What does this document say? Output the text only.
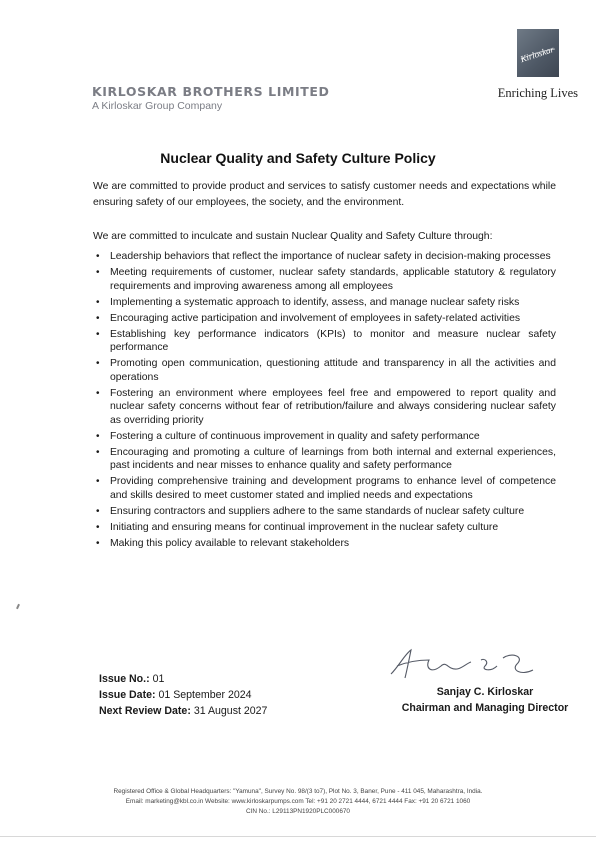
KIRLOSKAR BROTHERS LIMITED
A Kirloskar Group Company
Kirloskar
Enriching Lives
Nuclear Quality and Safety Culture Policy
We are committed to provide product and services to satisfy customer needs and expectations while ensuring safety of our employees, the society, and the environment.
We are committed to inculcate and sustain Nuclear Quality and Safety Culture through:
• Leadership behaviors that reflect the importance of nuclear safety in decision-making processes
• Meeting requirements of customer, nuclear safety standards, applicable statutory & regulatory requirements and improving awareness among all employees
• Implementing a systematic approach to identify, assess, and manage nuclear safety risks
• Encouraging active participation and involvement of employees in safety-related activities
• Establishing key performance indicators (KPIs) to monitor and measure nuclear safety performance
• Promoting open communication, questioning attitude and transparency in all the activities and operations
• Fostering an environment where employees feel free and empowered to report quality and nuclear safety concerns without fear of retribution/failure and always considering nuclear safety as overriding priority
• Fostering a culture of continuous improvement in quality and safety performance
• Encouraging and promoting a culture of learnings from both internal and external experiences, past incidents and near misses to enhance quality and safety performance
• Providing comprehensive training and development programs to enhance level of competence and skills desired to meet customer stated and implied needs and expectations
• Ensuring contractors and suppliers adhere to the same standards of nuclear safety culture
• Initiating and ensuring means for continual improvement in the nuclear safety culture
• Making this policy available to relevant stakeholders
Issue No.: 01
Issue Date: 01 September 2024
Next Review Date: 31 August 2027
Sanjay C. Kirloskar
Chairman and Managing Director
Registered Office & Global Headquarters: "Yamuna", Survey No. 98/(3 to7), Plot No. 3, Baner, Pune - 411 045, Maharashtra, India.
Email: marketing@kbl.co.in Website: www.kirloskarpumps.com Tel: +91 20 2721 4444, 6721 4444 Fax: +91 20 6721 1060
CIN No.: L29113PN1920PLC000670
